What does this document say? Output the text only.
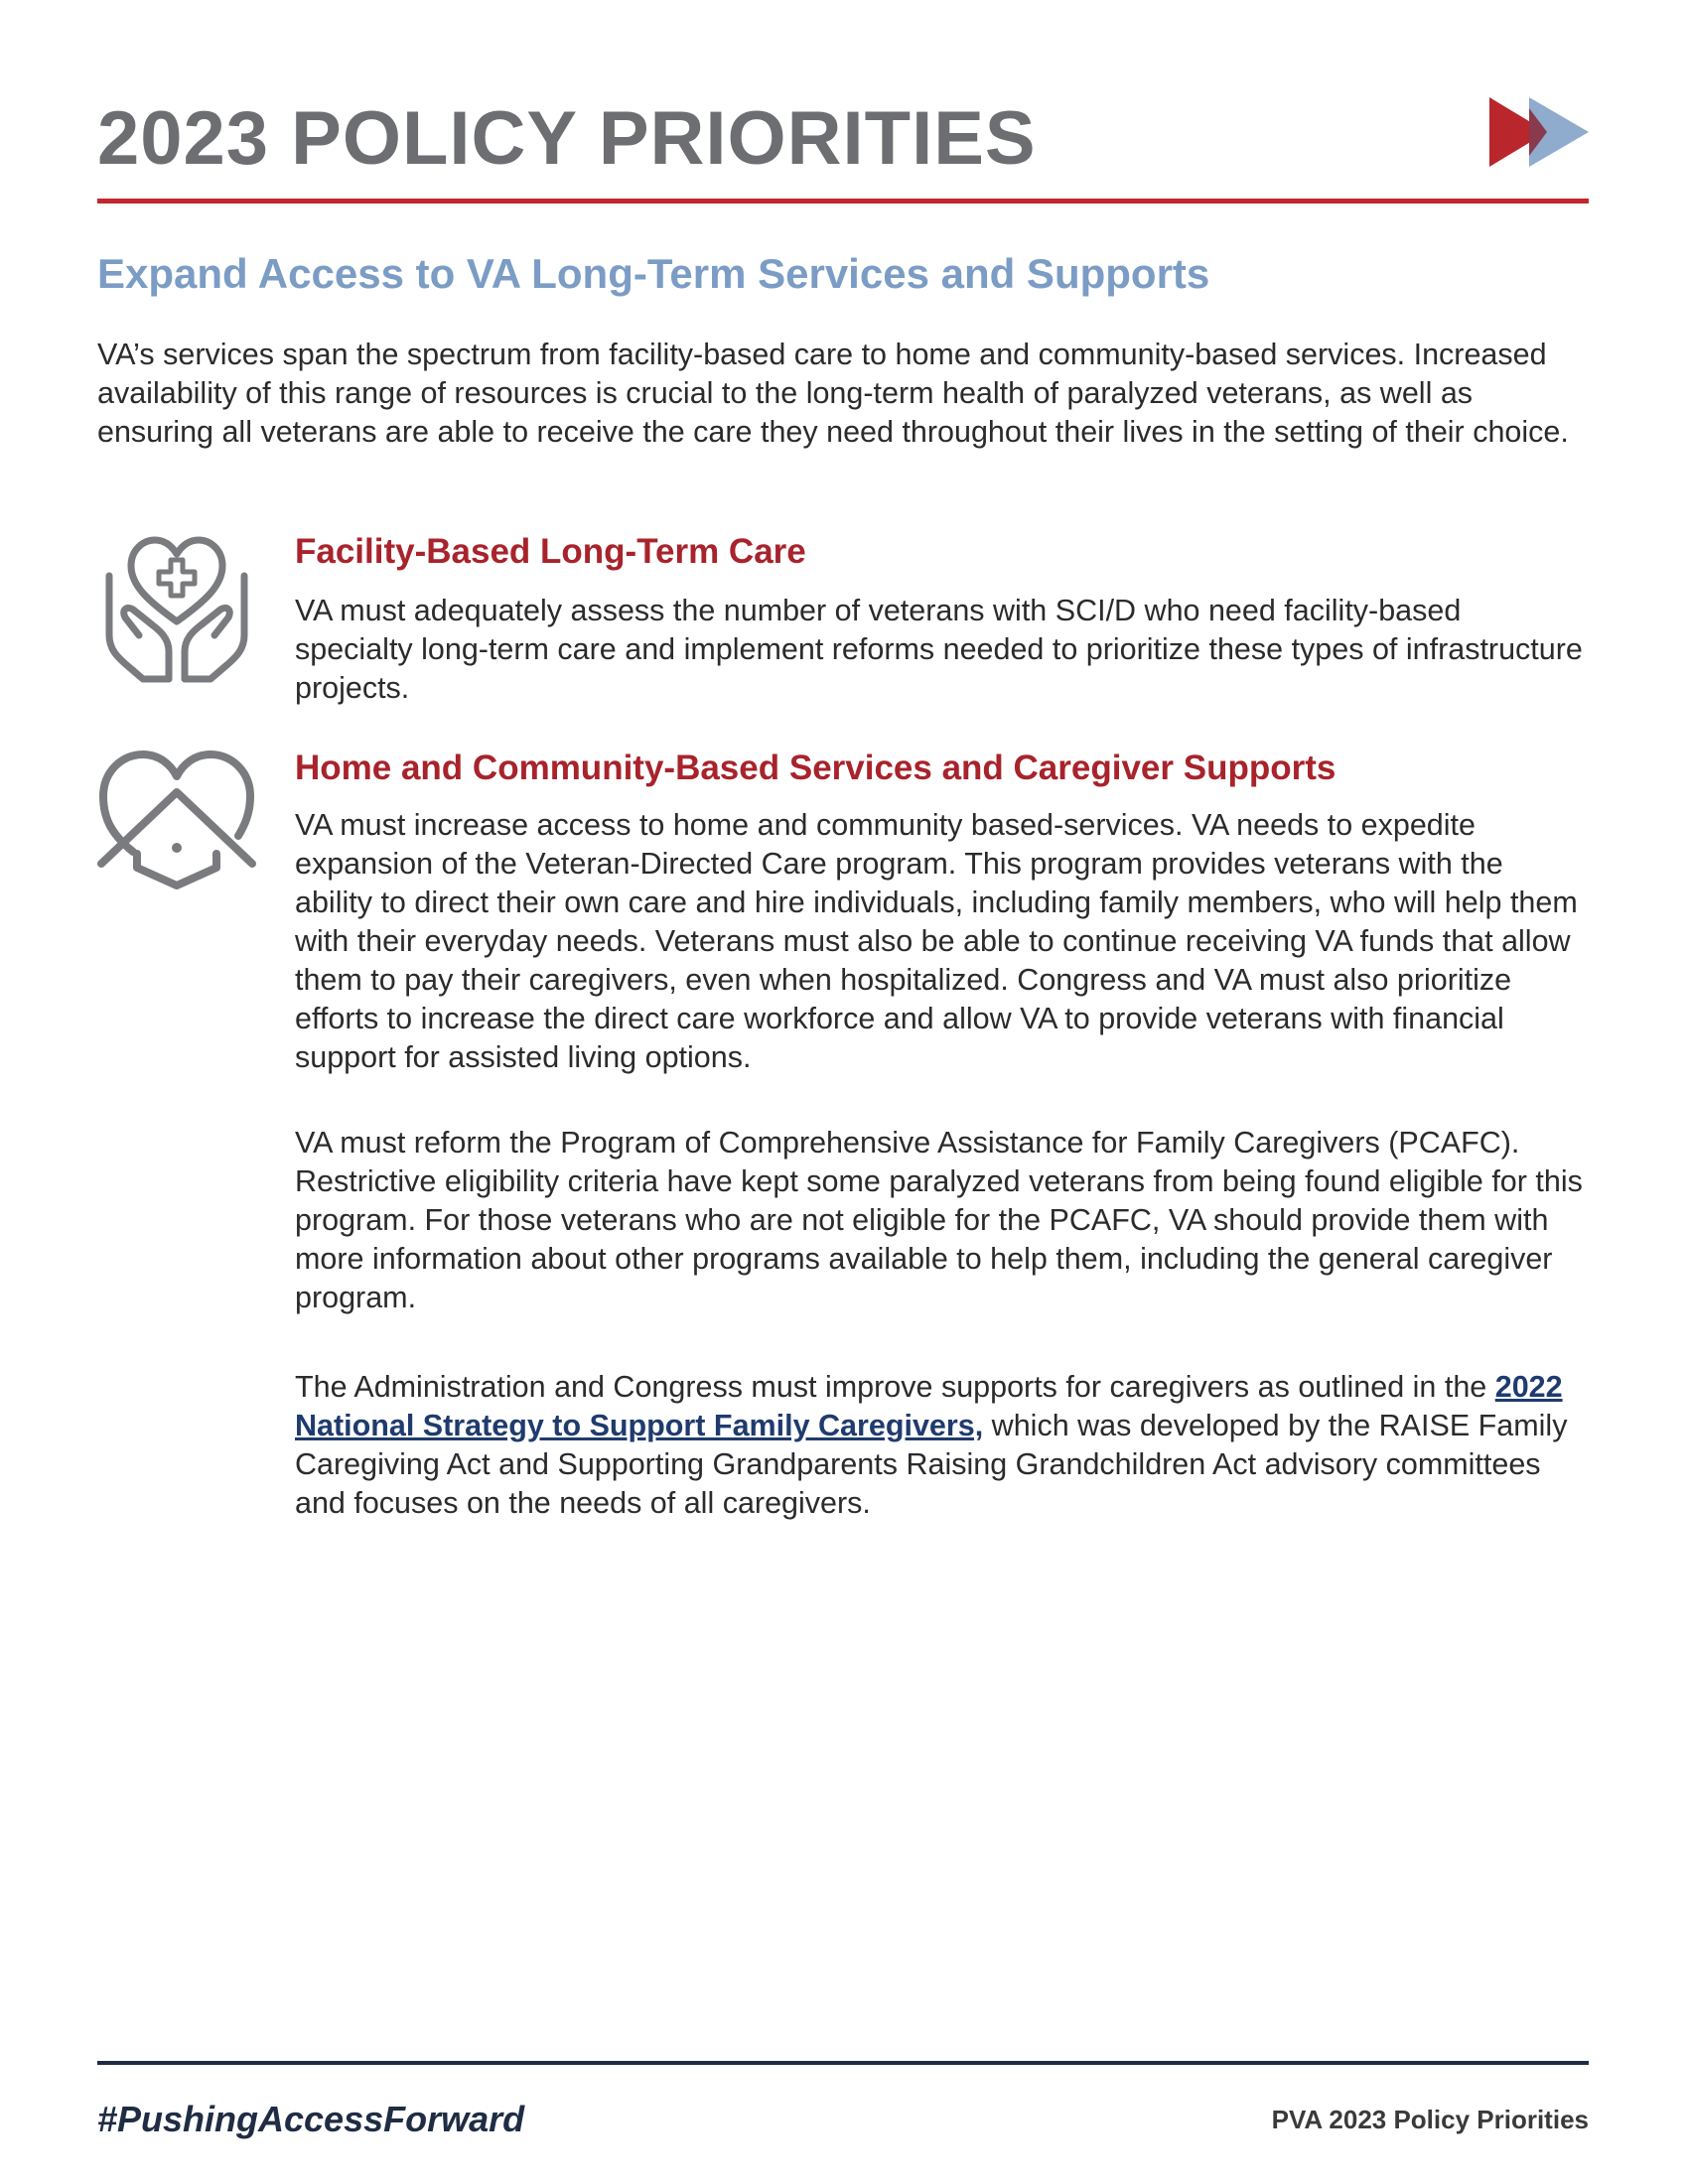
2023 POLICY PRIORITIES
Expand Access to VA Long-Term Services and Supports
VA’s services span the spectrum from facility-based care to home and community-based services. Increased availability of this range of resources is crucial to the long-term health of paralyzed veterans, as well as ensuring all veterans are able to receive the care they need throughout their lives in the setting of their choice.
Facility-Based Long-Term Care
VA must adequately assess the number of veterans with SCI/D who need facility-based specialty long-term care and implement reforms needed to prioritize these types of infrastructure projects.
Home and Community-Based Services and Caregiver Supports
VA must increase access to home and community based-services. VA needs to expedite expansion of the Veteran-Directed Care program. This program provides veterans with the ability to direct their own care and hire individuals, including family members, who will help them with their everyday needs. Veterans must also be able to continue receiving VA funds that allow them to pay their caregivers, even when hospitalized. Congress and VA must also prioritize efforts to increase the direct care workforce and allow VA to provide veterans with financial support for assisted living options.
VA must reform the Program of Comprehensive Assistance for Family Caregivers (PCAFC). Restrictive eligibility criteria have kept some paralyzed veterans from being found eligible for this program. For those veterans who are not eligible for the PCAFC, VA should provide them with more information about other programs available to help them, including the general caregiver program.
The Administration and Congress must improve supports for caregivers as outlined in the 2022 National Strategy to Support Family Caregivers, which was developed by the RAISE Family Caregiving Act and Supporting Grandparents Raising Grandchildren Act advisory committees and focuses on the needs of all caregivers.
#PushingAccessForward	PVA 2023 Policy Priorities
